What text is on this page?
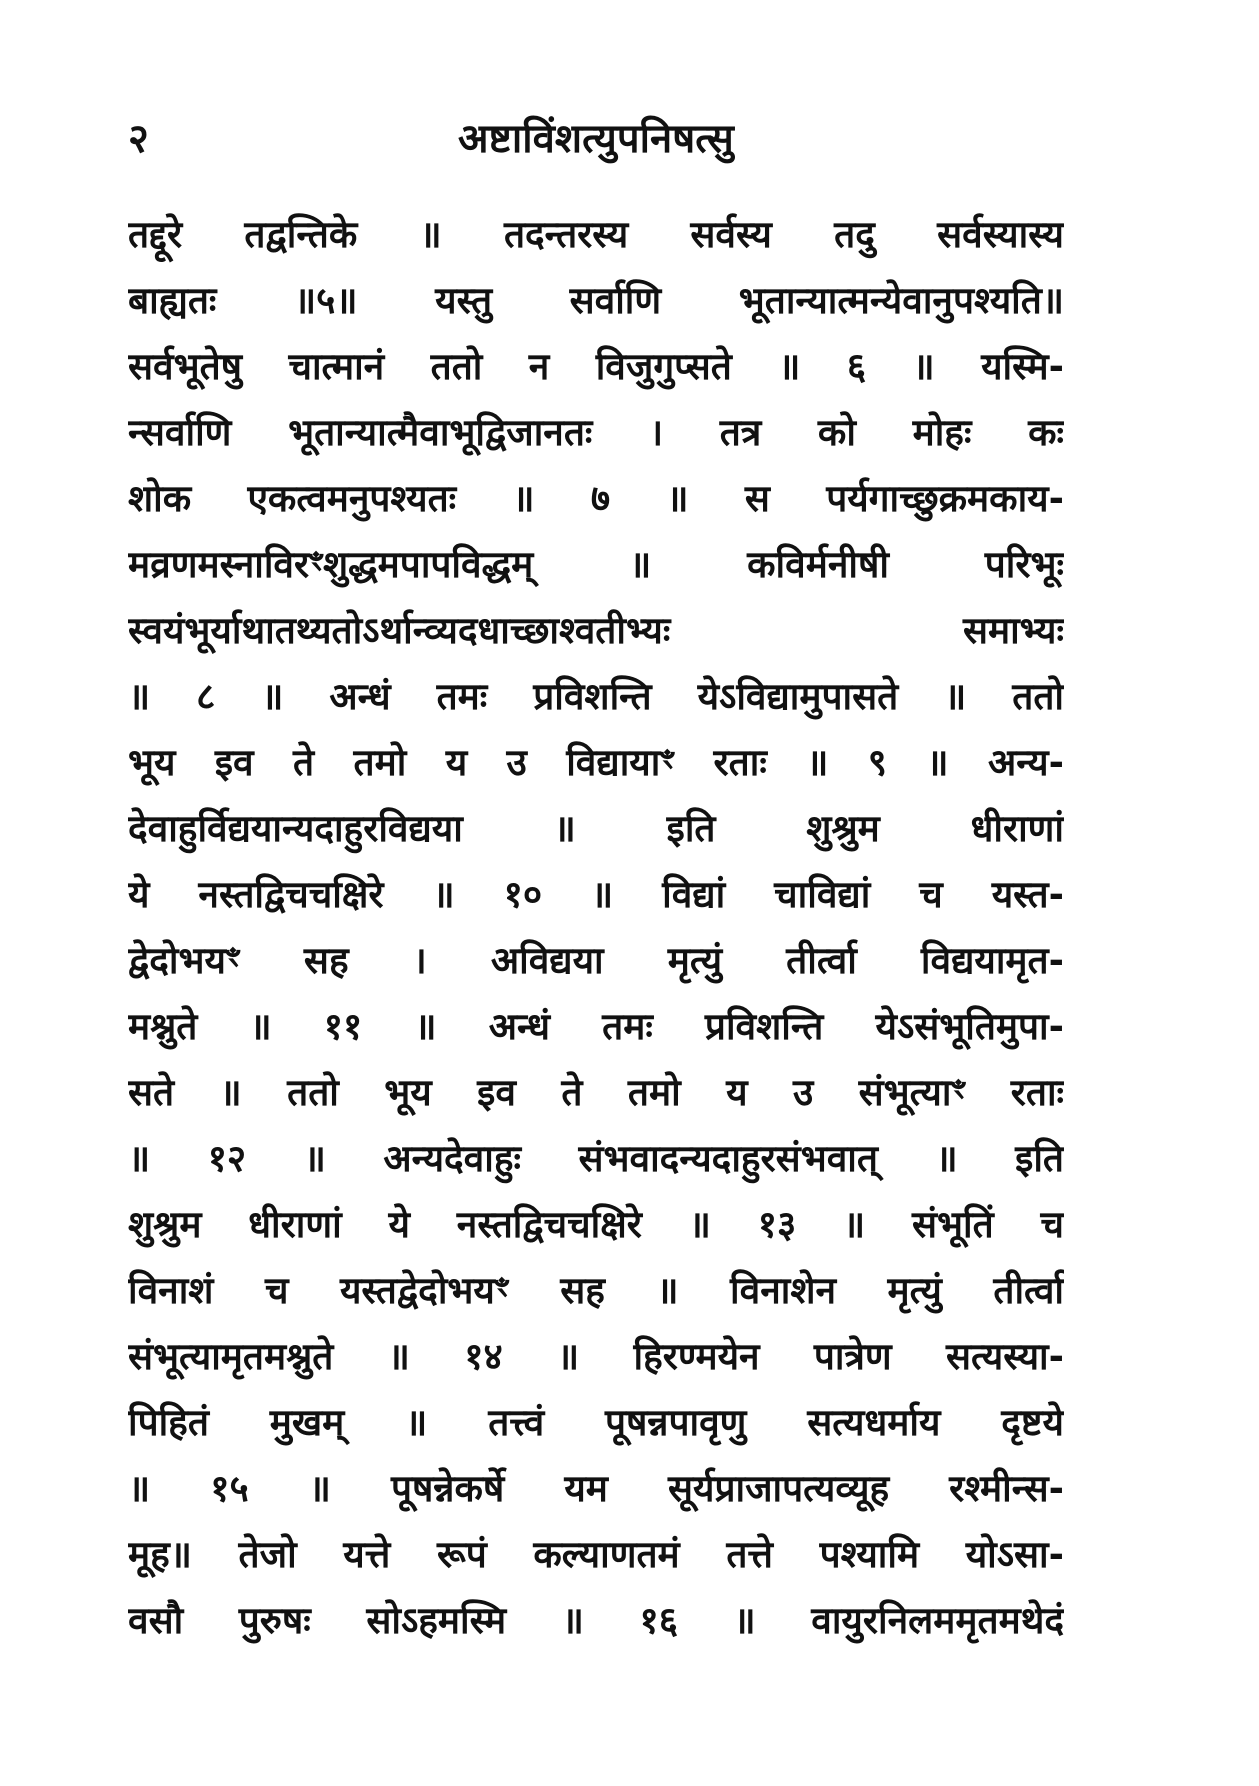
२	अष्टाविंशत्युपनिषत्सु
तद्दूरे तद्वन्तिके ॥ तदन्तरस्य सर्वस्य तदु सर्वस्यास्य
बाह्यतः ॥५॥ यस्तु सर्वाणि भूतान्यात्मन्येवानुपश्यति॥
सर्वभूतेषु चात्मानं ततो न विजुगुप्सते ॥ ६ ॥ यस्मि-
न्सर्वाणि भूतान्यात्मैवाभूद्विजानतः । तत्र को मोहः कः
शोक एकत्वमनुपश्यतः ॥ ७ ॥ स पर्यगाच्छुक्रमकाय-
मव्रणमस्नाविरꣳशुद्धमपापविद्धम् ॥ कविर्मनीषी परिभूः
स्वयंभूर्याथातथ्यतोऽर्थान्व्यदधाच्छाश्वतीभ्यः समाभ्यः
॥ ८ ॥ अन्धं तमः प्रविशन्ति येऽविद्यामुपासते ॥ ततो
भूय इव ते तमो य उ विद्यायाꣳ रताः ॥ ९ ॥ अन्य-
देवाहुर्विद्ययान्यदाहुरविद्यया ॥ इति शुश्रुम धीराणां
ये नस्तद्विचचक्षिरे ॥ १० ॥ विद्यां चाविद्यां च यस्त-
द्वेदोभयꣳ सह । अविद्यया मृत्युं तीर्त्वा विद्ययामृत-
मश्नुते ॥ ११ ॥ अन्धं तमः प्रविशन्ति येऽसंभूतिमुपा-
सते ॥ ततो भूय इव ते तमो य उ संभूत्याꣳ रताः
॥ १२ ॥ अन्यदेवाहुः संभवादन्यदाहुरसंभवात् ॥ इति
शुश्रुम धीराणां ये नस्तद्विचचक्षिरे ॥ १३ ॥ संभूतिं च
विनाशं च यस्तद्वेदोभयꣳ सह ॥ विनाशेन मृत्युं तीर्त्वा
संभूत्यामृतमश्नुते ॥ १४ ॥ हिरण्मयेन पात्रेण सत्यस्या-
पिहितं मुखम् ॥ तत्त्वं पूषन्नपावृणु सत्यधर्माय दृष्टये
॥ १५ ॥ पूषन्नेकर्षे यम सूर्यप्राजापत्यव्यूह रश्मीन्स-
मूह॥ तेजो यत्ते रूपं कल्याणतमं तत्ते पश्यामि योऽसा-
वसौ पुरुषः सोऽहमस्मि ॥ १६ ॥ वायुरनिलममृतमथेदं
